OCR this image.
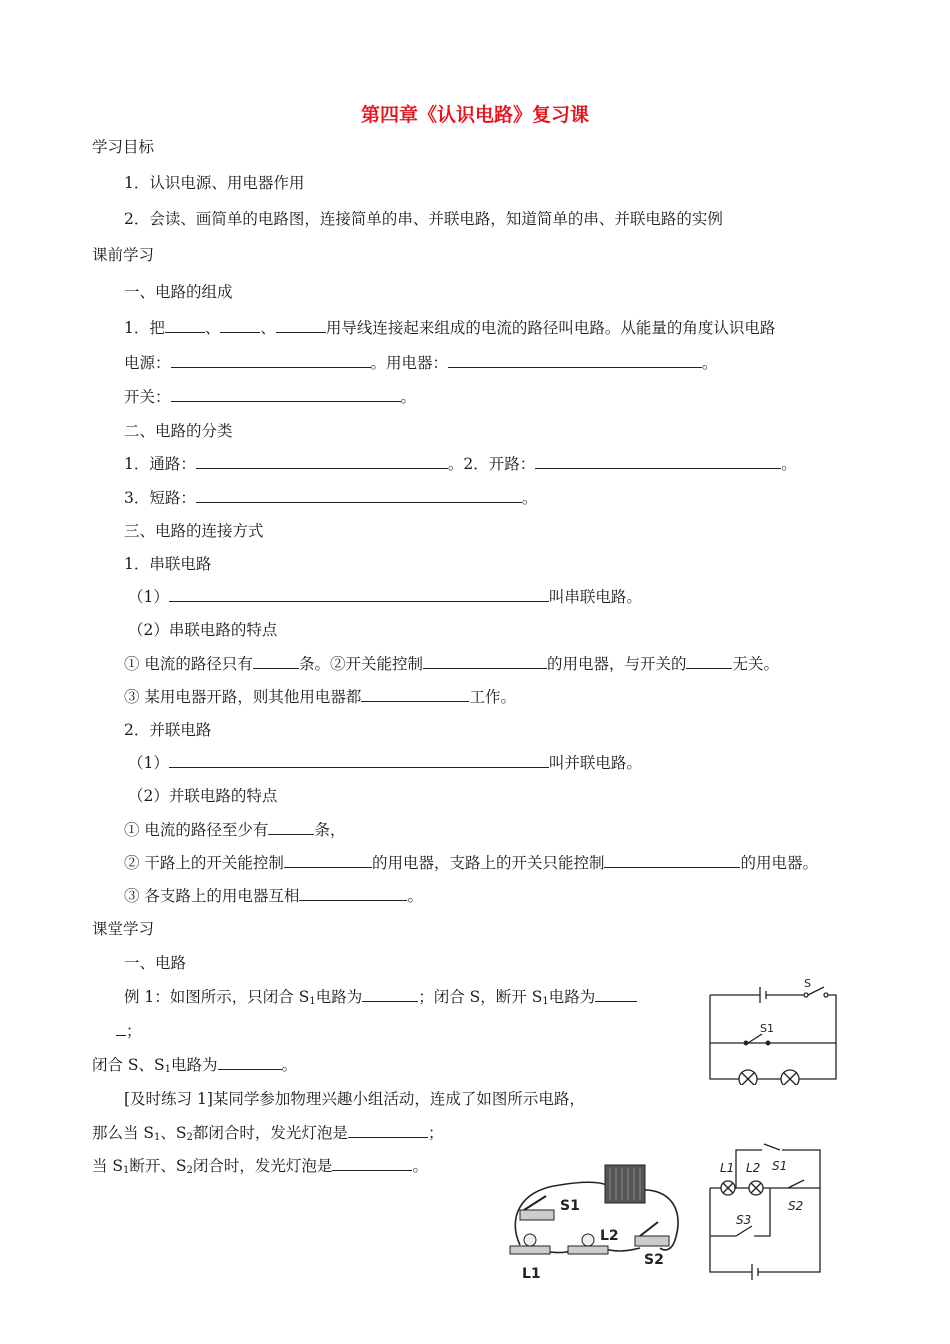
第四章《认识电路》复习课
学习目标
1．认识电源、用电器作用
2．会读、画简单的电路图，连接简单的串、并联电路，知道简单的串、并联电路的实例
课前学习
一、电路的组成
1．把	、	、	用导线连接起来组成的电流的路径叫电路。从能量的角度认识电路
电源：	。用电器：	。
开关：	。
二、电路的分类
1．通路：	。2．开路：	。
3．短路：	。
三、电路的连接方式
1．串联电路
（1）	叫串联电路。
（2）串联电路的特点
① 电流的路径只有	条。②开关能控制	的用电器，与开关的	无关。
③ 某用电器开路，则其他用电器都	工作。
2．并联电路
（1）	叫并联电路。
（2）并联电路的特点
① 电流的路径至少有	条，
② 干路上的开关能控制	的用电器，支路上的开关只能控制	的用电器。
③ 各支路上的用电器互相	。
课堂学习
一、电路
例 1：如图所示，只闭合 $S_1$电路为	；闭合 S，断开 $S_1$电路为
；
闭合 S、$S_1$电路为	。
[及时练习 1]某同学参加物理兴趣小组活动，连成了如图所示电路，
那么当 $S_1$、$S_2$都闭合时，发光灯泡是	；
当 $S_1$断开、$S_2$闭合时，发光灯泡是	。
S
S1
S1
L1
L2
S2
L1 L2 S1
S2
S3
